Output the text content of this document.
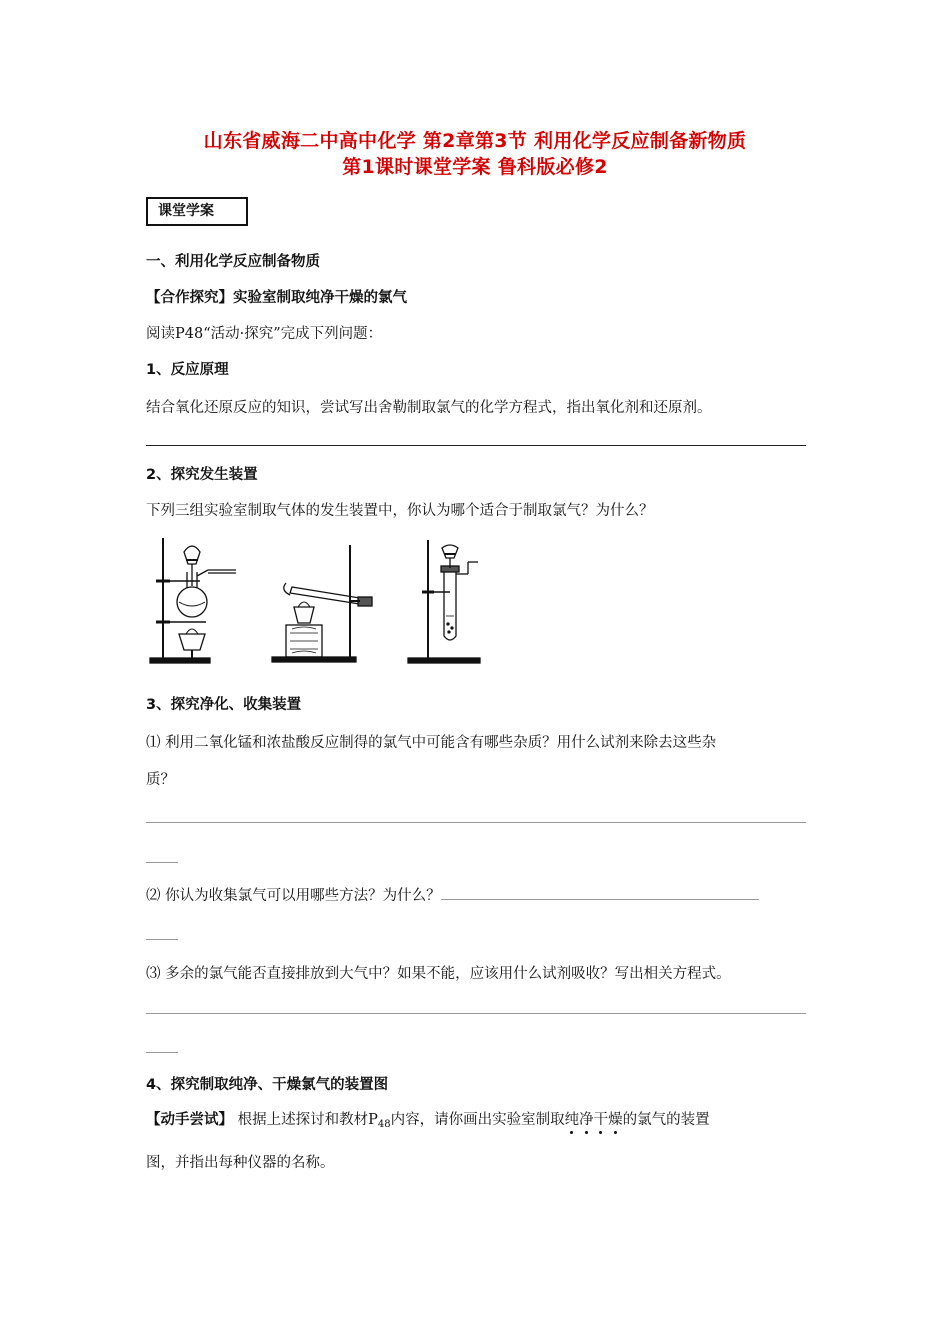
山东省威海二中高中化学 第2章第3节 利用化学反应制备新物质
第1课时课堂学案 鲁科版必修2
课堂学案
一、利用化学反应制备物质
【合作探究】实验室制取纯净干燥的氯气
阅读P48“活动·探究”完成下列问题：
1、反应原理
结合氧化还原反应的知识，尝试写出舍勒制取氯气的化学方程式，指出氧化剂和还原剂。
2、探究发生装置
下列三组实验室制取气体的发生装置中，你认为哪个适合于制取氯气？为什么？
3、探究净化、收集装置
⑴ 利用二氧化锰和浓盐酸反应制得的氯气中可能含有哪些杂质？用什么试剂来除去这些杂
质？
⑵ 你认为收集氯气可以用哪些方法？为什么？
⑶ 多余的氯气能否直接排放到大气中？如果不能，应该用什么试剂吸收？写出相关方程式。
4、探究制取纯净、干燥氯气的装置图
【动手尝试】 根据上述探讨和教材$P_{48}$内容，请你画出实验室制取纯净干燥的氯气的装置
图，并指出每种仪器的名称。
